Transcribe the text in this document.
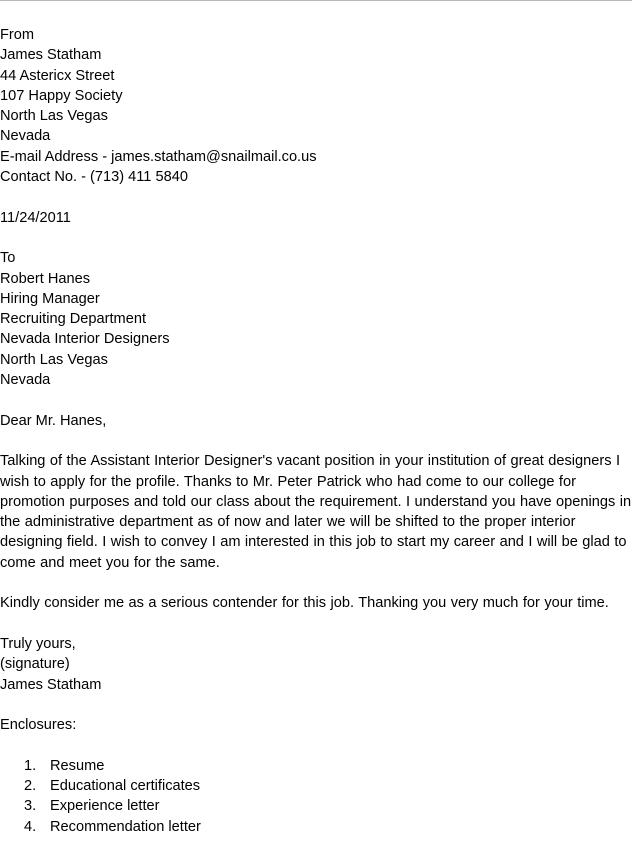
From
James Statham
44 Astericx Street
107 Happy Society
North Las Vegas
Nevada
E-mail Address - james.statham@snailmail.co.us
Contact No. - (713) 411 5840
11/24/2011
To
Robert Hanes
Hiring Manager
Recruiting Department
Nevada Interior Designers
North Las Vegas
Nevada
Dear Mr. Hanes,
Talking of the Assistant Interior Designer's vacant position in your institution of great designers I wish to apply for the profile. Thanks to Mr. Peter Patrick who had come to our college for promotion purposes and told our class about the requirement. I understand you have openings in the administrative department as of now and later we will be shifted to the proper interior designing field. I wish to convey I am interested in this job to start my career and I will be glad to come and meet you for the same.
Kindly consider me as a serious contender for this job. Thanking you very much for your time.
Truly yours,
(signature)
James Statham
Enclosures:
1. Resume
2. Educational certificates
3. Experience letter
4. Recommendation letter
